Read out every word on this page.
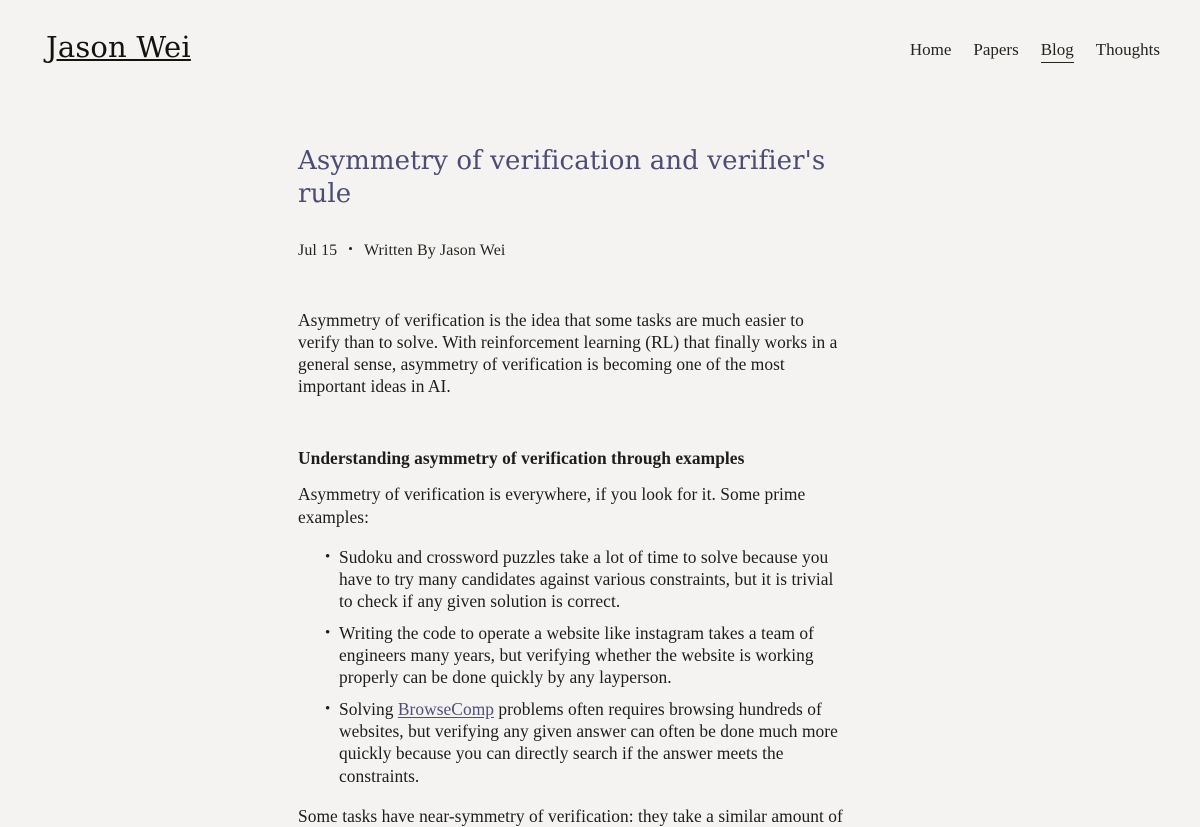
Jason Wei	Home Papers Blog Thoughts
Asymmetry of verification and verifier's rule
Jul 15 • Written By Jason Wei

Asymmetry of verification is the idea that some tasks are much easier to verify than to solve. With reinforcement learning (RL) that finally works in a general sense, asymmetry of verification is becoming one of the most important ideas in AI.

Understanding asymmetry of verification through examples

Asymmetry of verification is everywhere, if you look for it. Some prime examples:

• Sudoku and crossword puzzles take a lot of time to solve because you have to try many candidates against various constraints, but it is trivial to check if any given solution is correct.
• Writing the code to operate a website like instagram takes a team of engineers many years, but verifying whether the website is working properly can be done quickly by any layperson.
• Solving BrowseComp problems often requires browsing hundreds of websites, but verifying any given answer can often be done much more quickly because you can directly search if the answer meets the constraints.

Some tasks have near-symmetry of verification: they take a similar amount of
